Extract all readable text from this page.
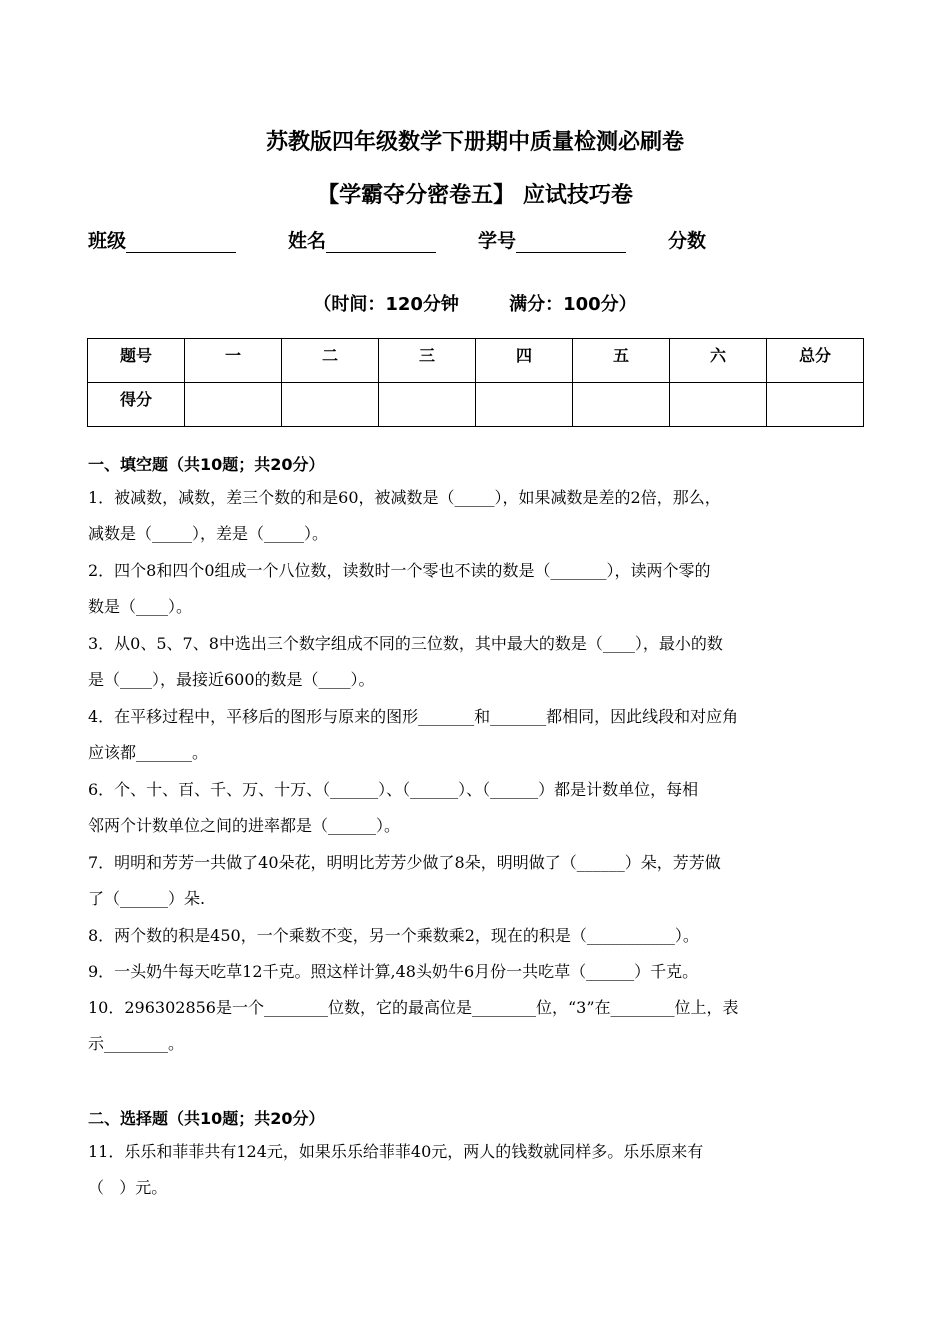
苏教版四年级数学下册期中质量检测必刷卷
【学霸夺分密卷五】 应试技巧卷
班级	姓名	学号	分数
（时间：120分钟        满分：100分）
题号	一	二	三	四	五	六	总分
得分							
一、填空题（共10题；共20分）
1．被减数，减数，差三个数的和是60，被减数是（_____），如果减数是差的2倍，那么，
减数是（_____），差是（_____）。
2．四个8和四个0组成一个八位数，读数时一个零也不读的数是（_______），读两个零的
数是（____）。
3．从0、5、7、8中选出三个数字组成不同的三位数，其中最大的数是（____），最小的数
是（____），最接近600的数是（____）。
4．在平移过程中，平移后的图形与原来的图形_______和_______都相同，因此线段和对应角
应该都_______。
6．个、十、百、千、万、十万、（______）、（______）、（______）都是计数单位，每相
邻两个计数单位之间的进率都是（______）。
7．明明和芳芳一共做了40朵花，明明比芳芳少做了8朵，明明做了（______）朵，芳芳做
了（______）朵.
8．两个数的积是450，一个乘数不变，另一个乘数乘2，现在的积是（___________）。
9．一头奶牛每天吃草12千克。照这样计算,48头奶牛6月份一共吃草（______）千克。
10．296302856是一个________位数，它的最高位是________位，“3”在________位上，表
示________。
二、选择题（共10题；共20分）
11．乐乐和菲菲共有124元，如果乐乐给菲菲40元，两人的钱数就同样多。乐乐原来有
（   ）元。
